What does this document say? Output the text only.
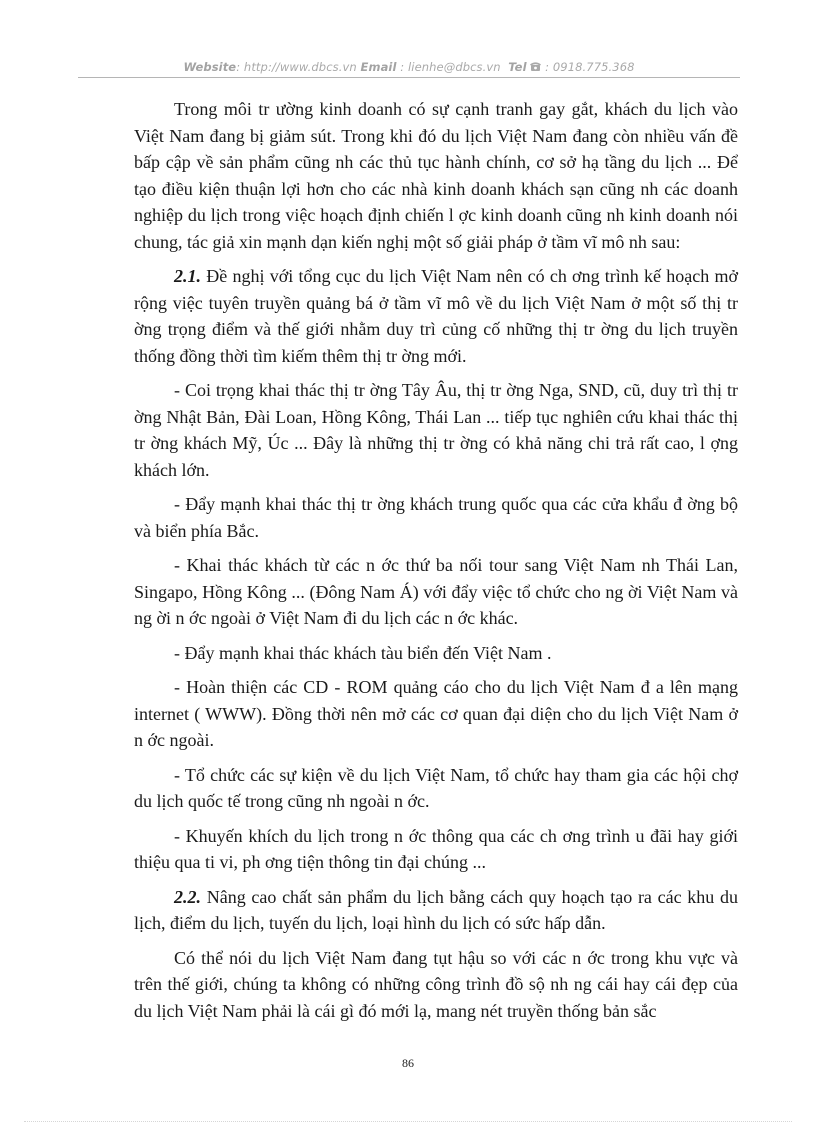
Website: http://www.dbcs.vn Email : lienhe@dbcs.vn Tel : 0918.775.368

Trong môi tr ường kinh doanh có sự cạnh tranh gay gắt, khách du lịch vào Việt Nam đang bị giảm sút. Trong khi đó du lịch Việt Nam đang còn nhiều vấn đề bấp cập về sản phẩm cũng nh các thủ tục hành chính, cơ sở hạ tầng du lịch ... Để tạo điều kiện thuận lợi hơn cho các nhà kinh doanh khách sạn cũng nh các doanh nghiệp du lịch trong việc hoạch định chiến l ợc kinh doanh cũng nh kinh doanh nói chung, tác giả xin mạnh dạn kiến nghị một số giải pháp ở tầm vĩ mô nh sau:

2.1. Đề nghị với tổng cục du lịch Việt Nam nên có ch ơng trình kế hoạch mở rộng việc tuyên truyền quảng bá ở tầm vĩ mô về du lịch Việt Nam ở một số thị tr ờng trọng điểm và thế giới nhằm duy trì củng cố những thị tr ờng du lịch truyền thống đồng thời tìm kiếm thêm thị tr ờng mới.

- Coi trọng khai thác thị tr ờng Tây Âu, thị tr ờng Nga, SND, cũ, duy trì thị tr ờng Nhật Bản, Đài Loan, Hồng Kông, Thái Lan ... tiếp tục nghiên cứu khai thác thị tr ờng khách Mỹ, Úc ... Đây là những thị tr ờng có khả năng chi trả rất cao, l ợng khách lớn.

- Đẩy mạnh khai thác thị tr ờng khách trung quốc qua các cửa khẩu đ ờng bộ và biển phía Bắc.

- Khai thác khách từ các n ớc thứ ba nối tour sang Việt Nam nh Thái Lan, Singapo, Hồng Kông ... (Đông Nam Á) với đẩy việc tổ chức cho ng ời Việt Nam và ng ời n ớc ngoài ở Việt Nam đi du lịch các n ớc khác.

- Đẩy mạnh khai thác khách tàu biển đến Việt Nam .

- Hoàn thiện các CD - ROM quảng cáo cho du lịch Việt Nam đ a lên mạng internet ( WWW). Đồng thời nên mở các cơ quan đại diện cho du lịch Việt Nam ở n ớc ngoài.

- Tổ chức các sự kiện về du lịch Việt Nam, tổ chức hay tham gia các hội chợ du lịch quốc tế trong cũng nh ngoài n ớc.

- Khuyến khích du lịch trong n ớc thông qua các ch ơng trình u đãi hay giới thiệu qua ti vi, ph ơng tiện thông tin đại chúng ...

2.2. Nâng cao chất sản phẩm du lịch bằng cách quy hoạch tạo ra các khu du lịch, điểm du lịch, tuyến du lịch, loại hình du lịch có sức hấp dẫn.

Có thể nói du lịch Việt Nam đang tụt hậu so với các n ớc trong khu vực và trên thế giới, chúng ta không có những công trình đồ sộ nh ng cái hay cái đẹp của du lịch Việt Nam phải là cái gì đó mới lạ, mang nét truyền thống bản sắc

86
